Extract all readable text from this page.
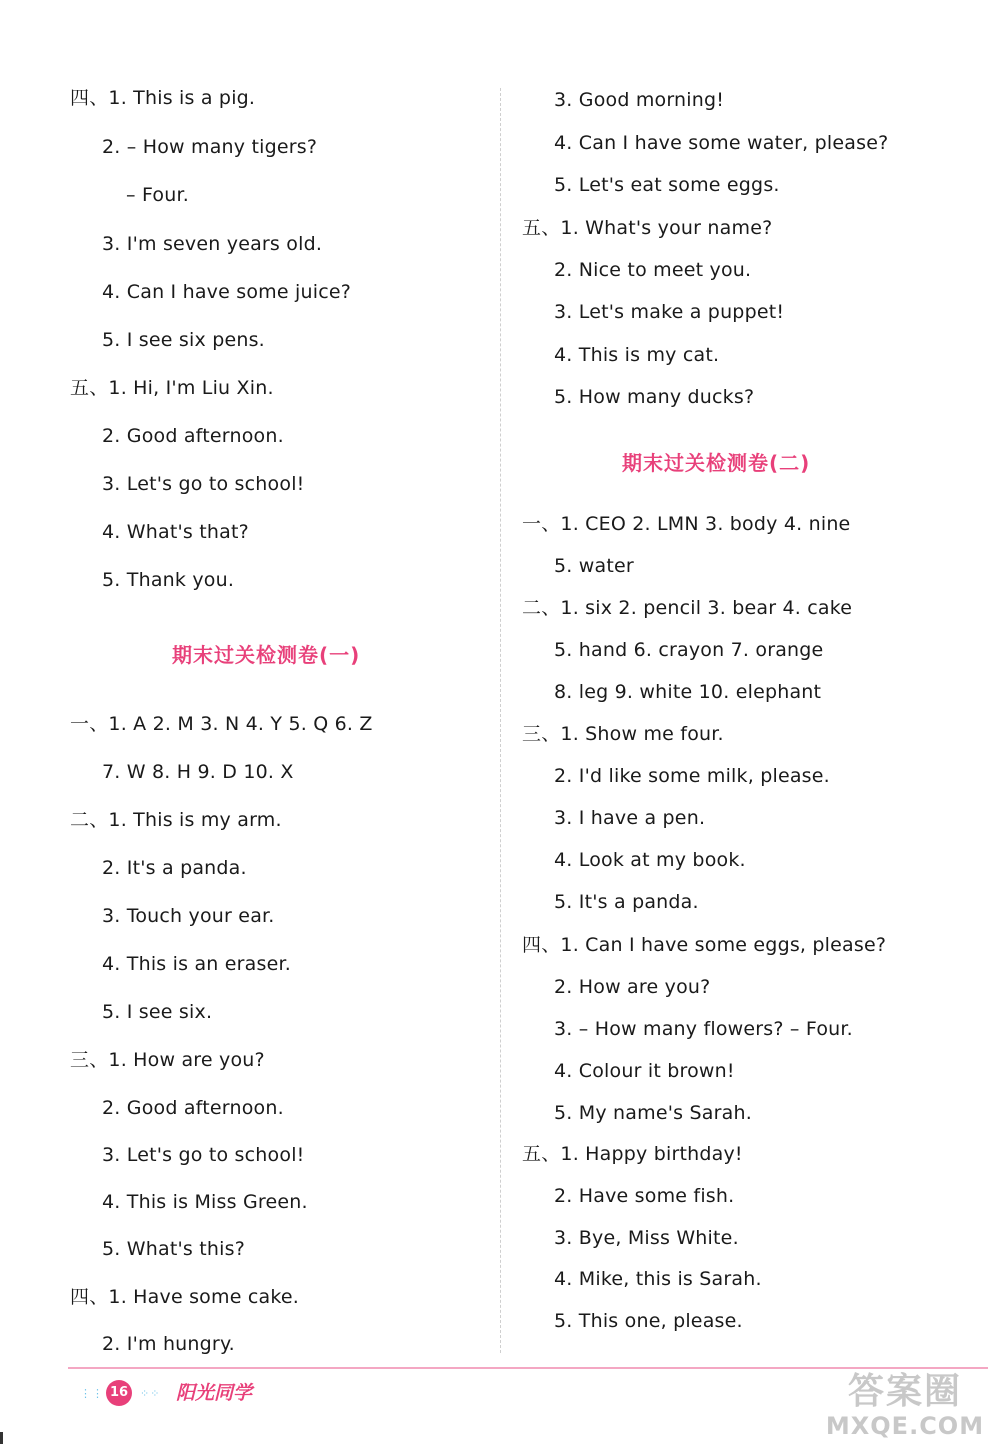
四、1. This is a pig.
2. – How many tigers?
– Four.
3. I'm seven years old.
4. Can I have some juice?
5. I see six pens.
五、1. Hi, I'm Liu Xin.
2. Good afternoon.
3. Let's go to school!
4. What's that?
5. Thank you.
期末过关检测卷(一)
一、1. A 2. M 3. N 4. Y 5. Q 6. Z
7. W 8. H 9. D 10. X
二、1. This is my arm.
2. It's a panda.
3. Touch your ear.
4. This is an eraser.
5. I see six.
三、1. How are you?
2. Good afternoon.
3. Let's go to school!
4. This is Miss Green.
5. What's this?
四、1. Have some cake.
2. I'm hungry.
3. Good morning!
4. Can I have some water, please?
5. Let's eat some eggs.
五、1. What's your name?
2. Nice to meet you.
3. Let's make a puppet!
4. This is my cat.
5. How many ducks?
期末过关检测卷(二)
一、1. CEO 2. LMN 3. body 4. nine
5. water
二、1. six 2. pencil 3. bear 4. cake
5. hand 6. crayon 7. orange
8. leg 9. white 10. elephant
三、1. Show me four.
2. I'd like some milk, please.
3. I have a pen.
4. Look at my book.
5. It's a panda.
四、1. Can I have some eggs, please?
2. How are you?
3. – How many flowers? – Four.
4. Colour it brown!
5. My name's Sarah.
五、1. Happy birthday!
2. Have some fish.
3. Bye, Miss White.
4. Mike, this is Sarah.
5. This one, please.
⋮⋮ 16	⁘⁘ 阳光同学	答案圈
MXQE.COM
